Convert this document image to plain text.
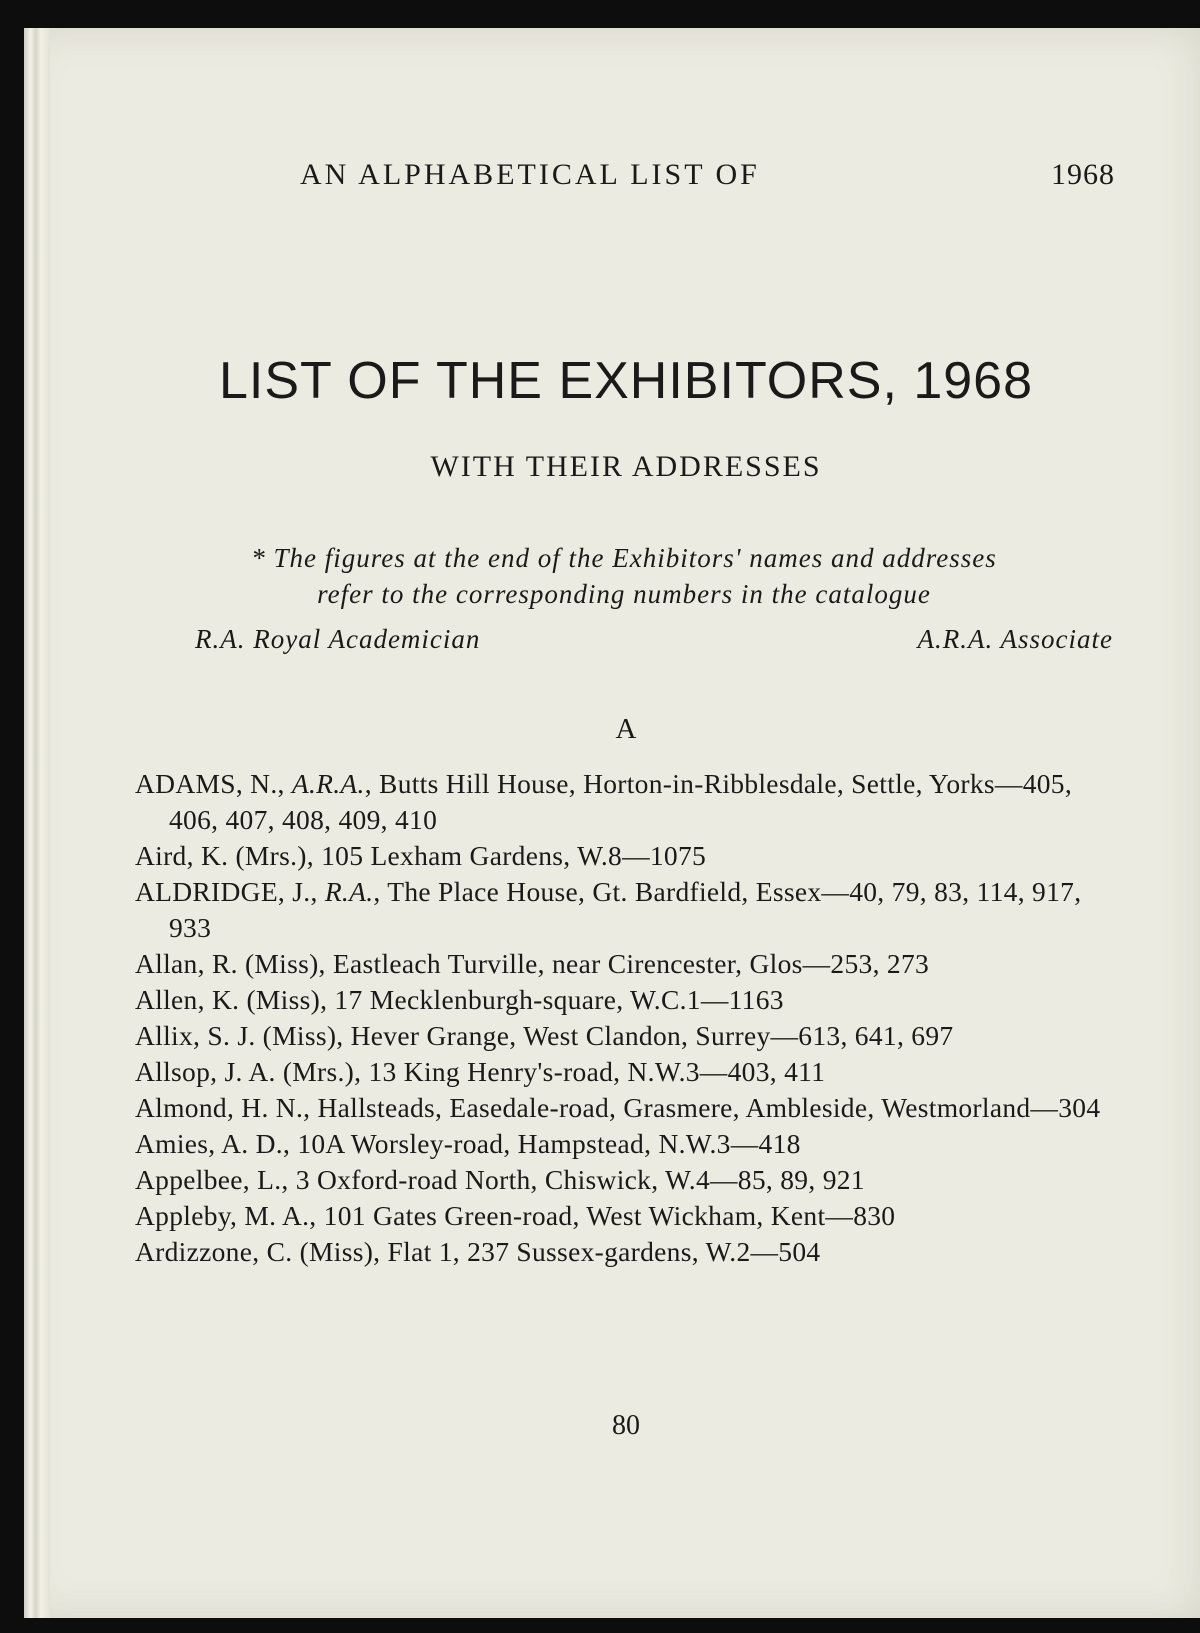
AN ALPHABETICAL LIST OF	1968
LIST OF THE EXHIBITORS, 1968
WITH THEIR ADDRESSES
* The figures at the end of the Exhibitors' names and addresses
refer to the corresponding numbers in the catalogue
R.A. Royal Academician	A.R.A. Associate
A
ADAMS, N., A.R.A., Butts Hill House, Horton-in-Ribblesdale, Settle, Yorks—405, 406, 407, 408, 409, 410
Aird, K. (Mrs.), 105 Lexham Gardens, W.8—1075
ALDRIDGE, J., R.A., The Place House, Gt. Bardfield, Essex—40, 79, 83, 114, 917, 933
Allan, R. (Miss), Eastleach Turville, near Cirencester, Glos—253, 273
Allen, K. (Miss), 17 Mecklenburgh-square, W.C.1—1163
Allix, S. J. (Miss), Hever Grange, West Clandon, Surrey—613, 641, 697
Allsop, J. A. (Mrs.), 13 King Henry's-road, N.W.3—403, 411
Almond, H. N., Hallsteads, Easedale-road, Grasmere, Ambleside, Westmorland—304
Amies, A. D., 10A Worsley-road, Hampstead, N.W.3—418
Appelbee, L., 3 Oxford-road North, Chiswick, W.4—85, 89, 921
Appleby, M. A., 101 Gates Green-road, West Wickham, Kent—830
Ardizzone, C. (Miss), Flat 1, 237 Sussex-gardens, W.2—504
80
